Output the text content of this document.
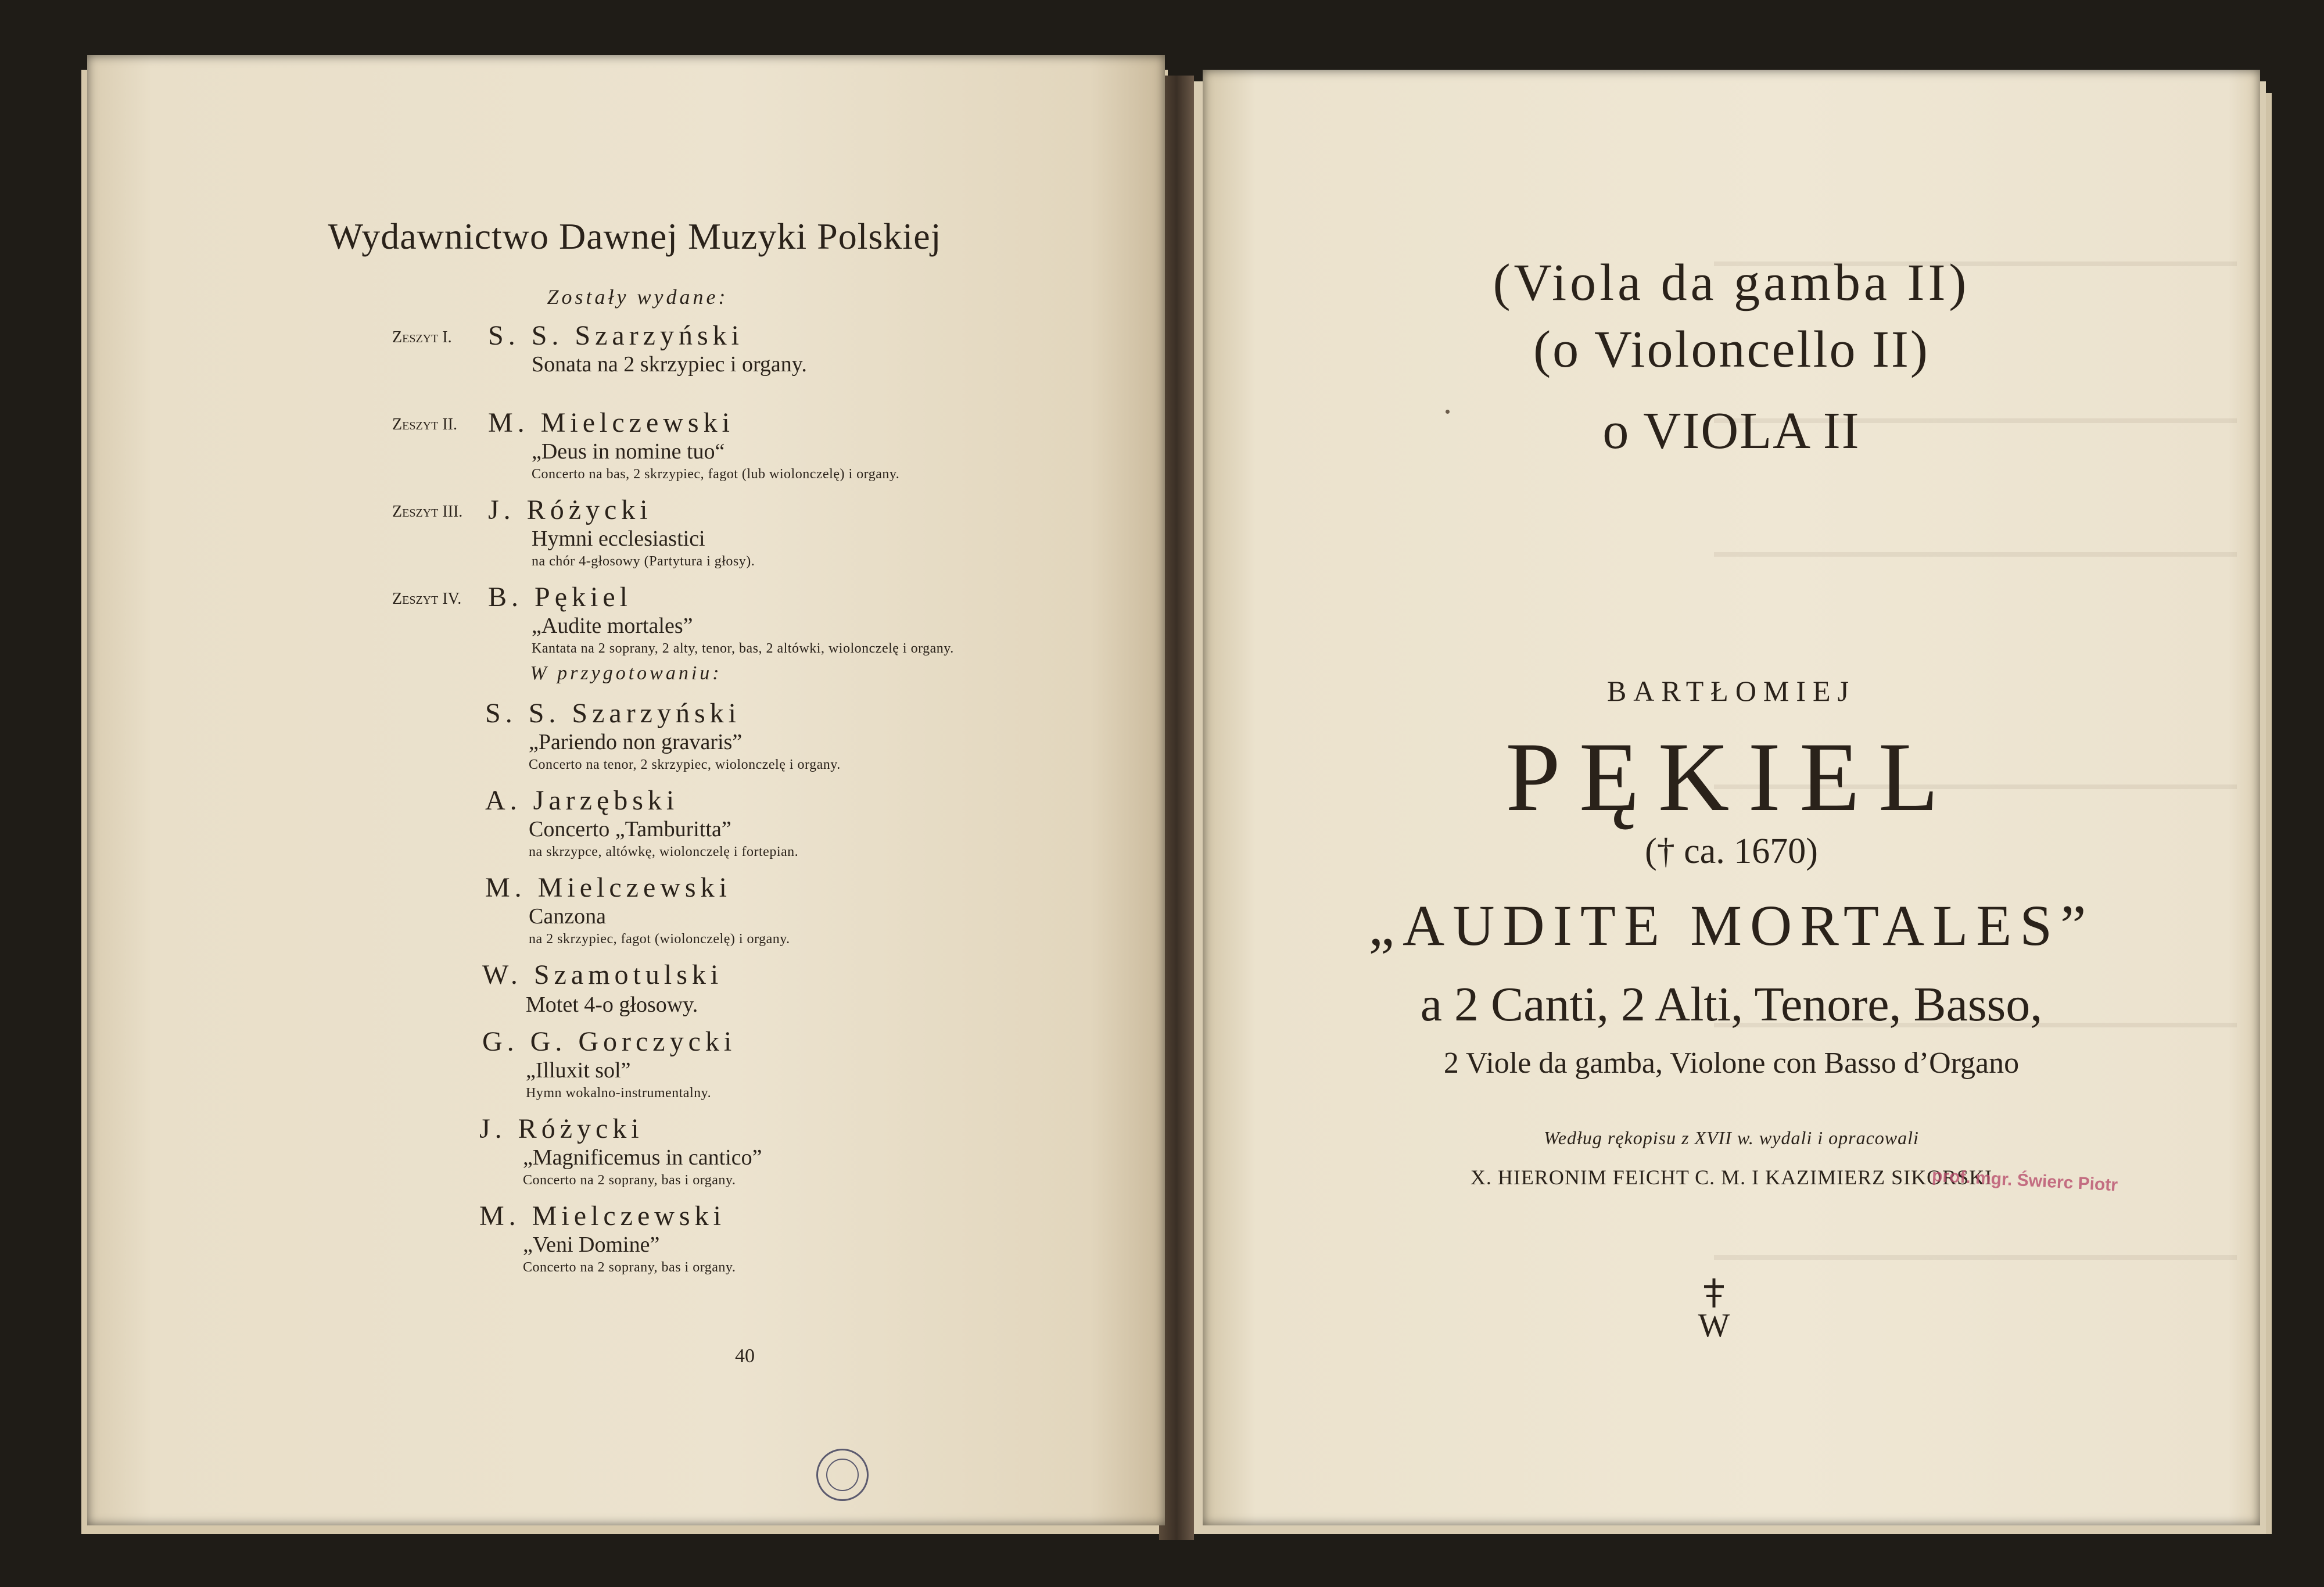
Wydawnictwo Dawnej Muzyki Polskiej
Zostały wydane:
Zeszyt I. S. S. Szarzyński
Sonata na 2 skrzypiec i organy.
Zeszyt II. M. Mielczewski
„Deus in nomine tuo“
Concerto na bas, 2 skrzypiec, fagot (lub wiolonczelę) i organy.
Zeszyt III. J. Różycki
Hymni ecclesiastici
na chór 4-głosowy (Partytura i głosy).
Zeszyt IV. B. Pękiel
„Audite mortales”
Kantata na 2 soprany, 2 alty, tenor, bas, 2 altówki, wiolonczelę i organy.
W przygotowaniu:
S. S. Szarzyński
„Pariendo non gravaris”
Concerto na tenor, 2 skrzypiec, wiolonczelę i organy.
A. Jarzębski
Concerto „Tamburitta”
na skrzypce, altówkę, wiolonczelę i fortepian.
M. Mielczewski
Canzona
na 2 skrzypiec, fagot (wiolonczelę) i organy.
W. Szamotulski
Motet 4-o głosowy.
G. G. Gorczycki
„Illuxit sol”
Hymn wokalno-instrumentalny.
J. Różycki
„Magnificemus in cantico”
Concerto na 2 soprany, bas i organy.
M. Mielczewski
„Veni Domine”
Concerto na 2 soprany, bas i organy.
40
(Viola da gamba II)
(o Violoncello II)
o VIOLA II
BARTŁOMIEJ
PĘKIEL
(† ca. 1670)
„AUDITE MORTALES”
a 2 Canti, 2 Alti, Tenore, Basso,
2 Viole da gamba, Violone con Basso d’Organo
Według rękopisu z XVII w. wydali i opracowali
X. HIERONIM FEICHT C. M. I KAZIMIERZ SIKORSKI
prof. mgr. Świerc Piotr
W
